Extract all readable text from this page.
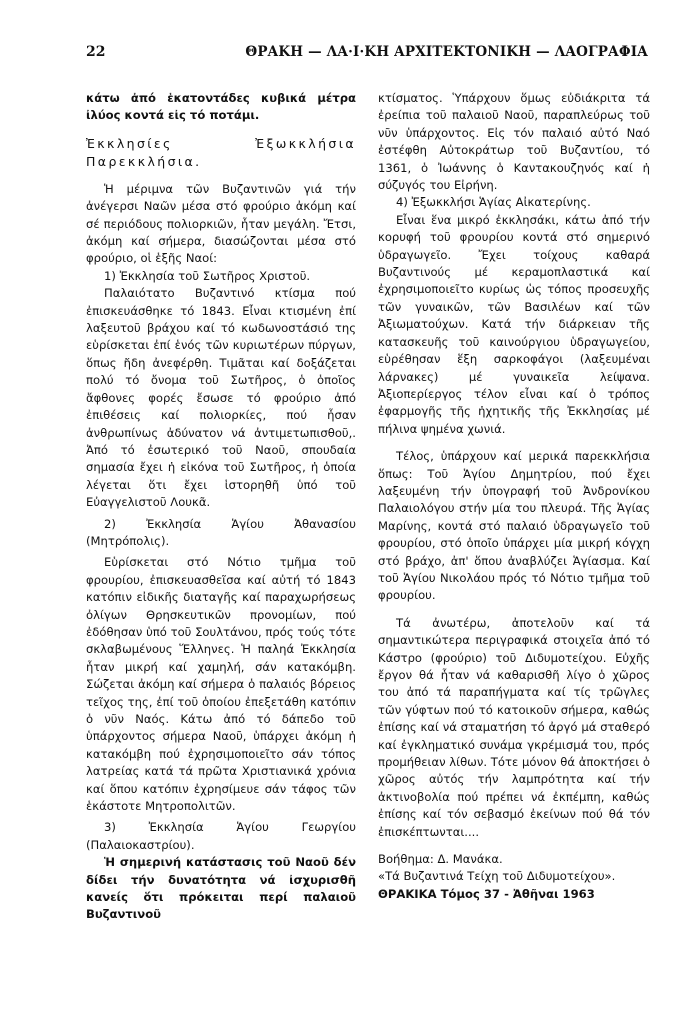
22	ΘΡΑΚΗ — ΛΑ·Ι·ΚΗ ΑΡΧΙΤΕΚΤΟΝΙΚΗ — ΛΑΟΓΡΑΦΙΑ

κάτω ἀπό ἑκατοντάδες κυβικά μέτρα ἰλύος κοντά εἰς τό ποτάμι.

Ἐκκλησίες Ἐξωκκλήσια Παρεκκλήσια.

Ἡ μέριμνα τῶν Βυζαντινῶν γιά τήν ἀνέγερσι Ναῶν μέσα στό φρούριο ἀκόμη καί σέ περιόδους πολιορκιῶν, ἦταν μεγάλη. Ἔτσι, ἀκόμη καί σήμερα, διασώζονται μέσα στό φρούριο, οἱ ἑξῆς Ναοί:

1) Ἐκκλησία τοῦ Σωτῆρος Χριστοῦ.

Παλαιότατο Βυζαντινό κτίσμα πού ἐπισκευάσθηκε τό 1843. Εἶναι κτισμένη ἐπί λαξευτοῦ βράχου καί τό κωδωνοστάσιό της εὑρίσκεται ἐπί ἑνός τῶν κυριωτέρων πύργων, ὅπως ἤδη ἀνεφέρθη. Τιμᾶται καί δοξάζεται πολύ τό ὄνομα τοῦ Σωτῆρος, ὁ ὁποῖος ἄφθονες φορές ἔσωσε τό φρούριο ἀπό ἐπιθέσεις καί πολιορκίες, πού ἦσαν ἀνθρωπίνως ἀδύνατον νά ἀντιμετωπισθοῦ,. Ἀπό τό ἐσωτερικό τοῦ Ναοῦ, σπουδαία σημασία ἔχει ἡ εἰκόνα τοῦ Σωτῆρος, ἡ ὁποία λέγεται ὅτι ἔχει ἱστορηθῆ ὑπό τοῦ Εὐαγγελιστοῦ Λουκᾶ.

2) Ἐκκλησία Ἁγίου Ἀθανασίου (Μητρόπολις).

Εὑρίσκεται στό Νότιο τμῆμα τοῦ φρουρίου, ἐπισκευασθεῖσα καί αὐτή τό 1843 κατόπιν εἰδικῆς διαταγῆς καί παραχωρήσεως ὀλίγων Θρησκευτικῶν προνομίων, πού ἐδόθησαν ὑπό τοῦ Σουλτάνου, πρός τούς τότε σκλαβωμένους Ἕλληνες. Ἡ παληά Ἐκκλησία ἦταν μικρή καί χαμηλή, σάν κατακόμβη. Σώζεται ἀκόμη καί σήμερα ὁ παλαιός βόρειος τεῖχος της, ἐπί τοῦ ὁποίου ἐπεξετάθη κατόπιν ὁ νῦν Ναός. Κάτω ἀπό τό δάπεδο τοῦ ὑπάρχοντος σήμερα Ναοῦ, ὑπάρχει ἀκόμη ἡ κατακόμβη πού ἐχρησιμοποιεῖτο σάν τόπος λατρείας κατά τά πρῶτα Χριστιανικά χρόνια καί ὅπου κατόπιν ἐχρησίμευε σάν τάφος τῶν ἑκάστοτε Μητροπολιτῶν.

3) Ἐκκλησία Ἁγίου Γεωργίου (Παλαιοκαστρίου).

Ἡ σημερινή κατάστασις τοῦ Ναοῦ δέν δίδει τήν δυνατότητα νά ἰσχυρισθῆ κανείς ὅτι πρόκειται περί παλαιοῦ Βυζαντινοῦ

κτίσματος. Ὑπάρχουν ὅμως εὐδιάκριτα τά ἐρείπια τοῦ παλαιοῦ Ναοῦ, παραπλεύρως τοῦ νῦν ὑπάρχοντος. Εἰς τόν παλαιό αὐτό Ναό ἐστέφθη Αὐτοκράτωρ τοῦ Βυζαντίου, τό 1361, ὁ Ἰωάννης ὁ Καντακουζηνός καί ἡ σύζυγός του Εἰρήνη.

4) Ἐξωκκλήσι Ἁγίας Αἰκατερίνης.

Εἶναι ἕνα μικρό ἐκκλησάκι, κάτω ἀπό τήν κορυφή τοῦ φρουρίου κοντά στό σημερινό ὑδραγωγεῖο. Ἔχει τοίχους καθαρά Βυζαντινούς μέ κεραμοπλαστικά καί ἐχρησιμοποιεῖτο κυρίως ὡς τόπος προσευχῆς τῶν γυναικῶν, τῶν Βασιλέων καί τῶν Ἀξιωματούχων. Κατά τήν διάρκειαν τῆς κατασκευῆς τοῦ καινούργιου ὑδραγωγείου, εὑρέθησαν ἕξη σαρκοφάγοι (λαξευμέναι λάρνακες) μέ γυναικεῖα λείψανα. Ἀξιοπερίεργος τέλον εἶναι καί ὁ τρόπος ἐφαρμογῆς τῆς ἠχητικῆς τῆς Ἐκκλησίας μέ πήλινα ψημένα χωνιά.

Τέλος, ὑπάρχουν καί μερικά παρεκκλήσια ὅπως: Τοῦ Ἁγίου Δημητρίου, πού ἔχει λαξευμένη τήν ὑπογραφή τοῦ Ἀνδρονίκου Παλαιολόγου στήν μία του πλευρά. Τῆς Ἁγίας Μαρίνης, κοντά στό παλαιό ὑδραγωγεῖο τοῦ φρουρίου, στό ὁποῖο ὑπάρχει μία μικρή κόγχη στό βράχο, ἀπ' ὅπου ἀναβλύζει Ἁγίασμα. Καί τοῦ Ἁγίου Νικολάου πρός τό Νότιο τμῆμα τοῦ φρουρίου.

Τά ἀνωτέρω, ἀποτελοῦν καί τά σημαντικώτερα περιγραφικά στοιχεῖα ἀπό τό Κάστρο (φρούριο) τοῦ Διδυμοτείχου. Εὐχῆς ἔργον θά ἦταν νά καθαρισθῆ λίγο ὁ χῶρος του ἀπό τά παραπήγματα καί τίς τρῶγλες τῶν γύφτων πού τό κατοικοῦν σήμερα, καθώς ἐπίσης καί νά σταματήση τό ἀργό μά σταθερό καί ἐγκληματικό συνάμα γκρέμισμά του, πρός προμήθειαν λίθων. Τότε μόνον θά ἀποκτήσει ὁ χῶρος αὐτός τήν λαμπρότητα καί τήν ἀκτινοβολία πού πρέπει νά ἐκπέμπη, καθώς ἐπίσης καί τόν σεβασμό ἐκείνων πού θά τόν ἐπισκέπτωνται....

Βοήθημα: Δ. Μανάκα.

«Τά Βυζαντινά Τείχη τοῦ Διδυμοτείχου».

ΘΡΑΚΙΚΑ Τόμος 37 - Ἀθῆναι 1963
